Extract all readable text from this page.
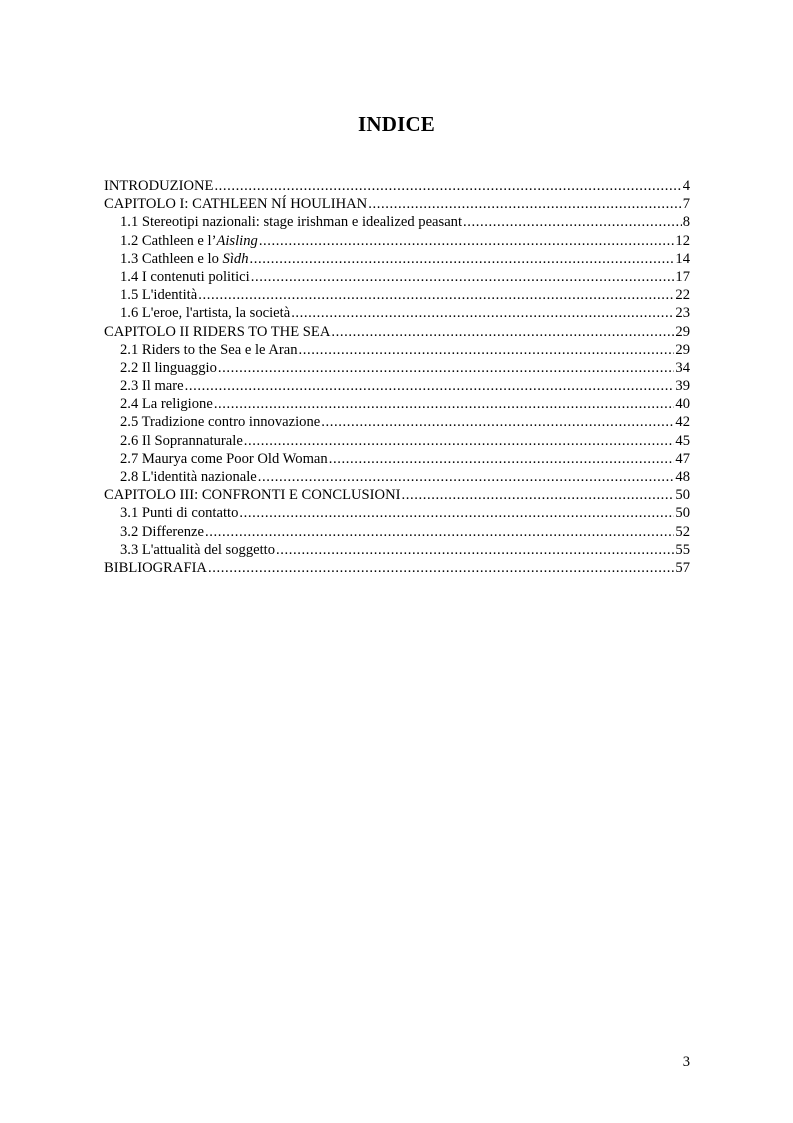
INDICE
INTRODUZIONE .....	4
CAPITOLO I: CATHLEEN NÍ HOULIHAN .....	7
1.1 Stereotipi nazionali: stage irishman e idealized peasant .....	8
1.2 Cathleen e l’Aisling .....	12
1.3 Cathleen e lo Sìdh .....	14
1.4 I contenuti politici .....	17
1.5 L'identità .....	22
1.6 L'eroe, l'artista, la società .....	23
CAPITOLO II RIDERS TO THE SEA .....	29
2.1 Riders to the Sea e le Aran .....	29
2.2 Il linguaggio .....	34
2.3 Il mare .....	39
2.4 La religione .....	40
2.5 Tradizione contro innovazione .....	42
2.6 Il Soprannaturale .....	45
2.7 Maurya come Poor Old Woman .....	47
2.8 L'identità nazionale .....	48
CAPITOLO III: CONFRONTI E CONCLUSIONI .....	50
3.1 Punti di contatto .....	50
3.2 Differenze .....	52
3.3 L'attualità del soggetto .....	55
BIBLIOGRAFIA .....	57
3
